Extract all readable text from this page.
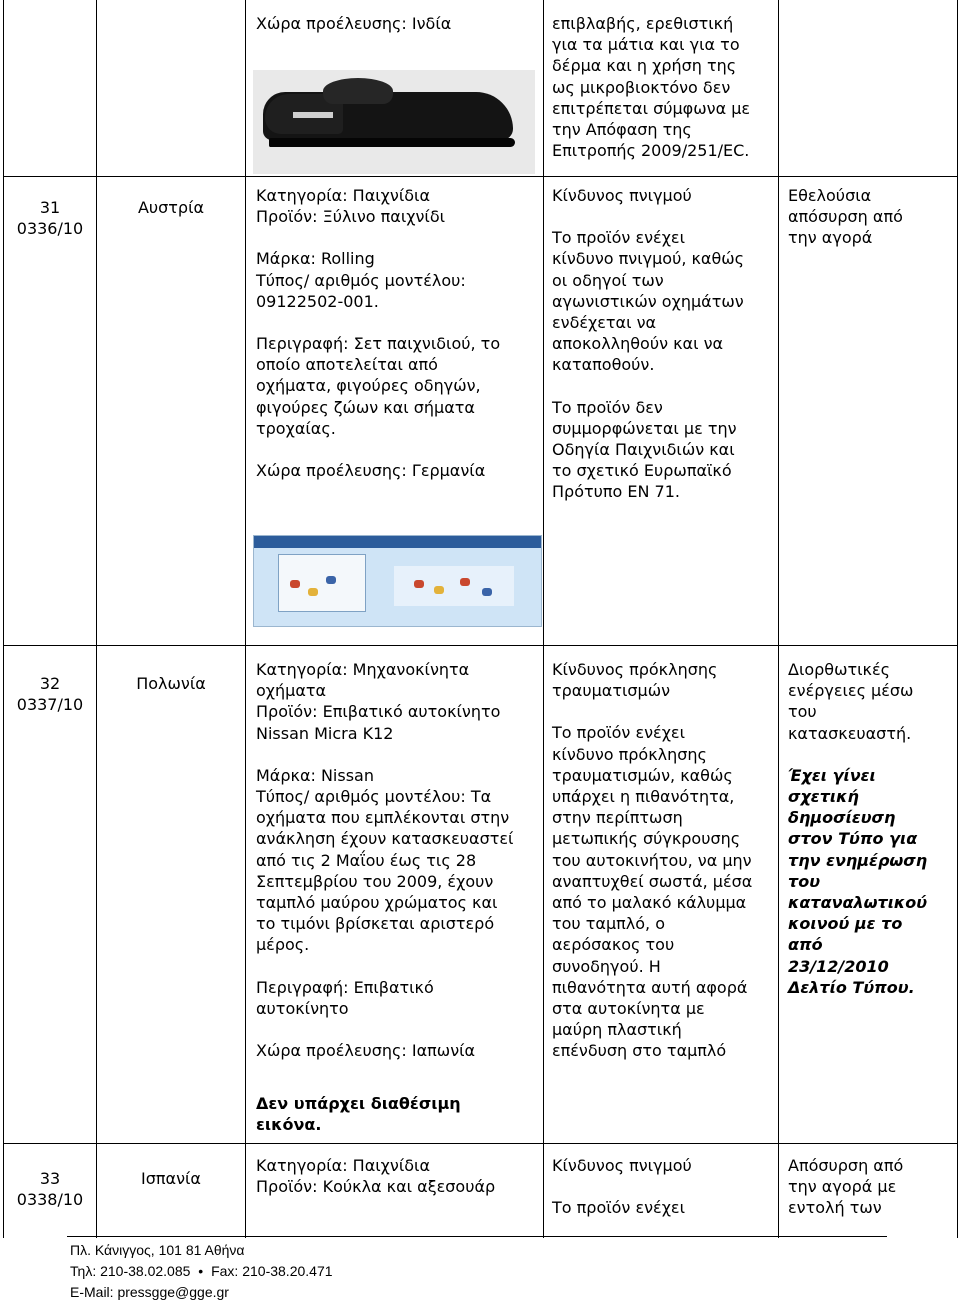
Χώρα προέλευσης: Ινδία	επιβλαβής, ερεθιστική

για τα μάτια και για το

δέρμα και η χρήση της

ως μικροβιοκτόνο δεν

επιτρέπεται σύμφωνα με

την Απόφαση της

Επιτροπής 2009/251/EC.

31

0336/10

Αυστρία

Κατηγορία: Παιχνίδια

Προϊόν: Ξύλινο παιχνίδι

Μάρκα: Rolling

Τύπος/ αριθμός μοντέλου:

09122502-001.

Περιγραφή: Σετ παιχνιδιού, το

οποίο αποτελείται από

οχήματα, φιγούρες οδηγών,

φιγούρες ζώων και σήματα

τροχαίας.

Χώρα προέλευσης: Γερμανία

Κίνδυνος πνιγμού

Το προϊόν ενέχει

κίνδυνο πνιγμού, καθώς

οι οδηγοί των

αγωνιστικών οχημάτων

ενδέχεται να

αποκολληθούν και να

καταποθούν.

Το προϊόν δεν

συμμορφώνεται με την

Οδηγία Παιχνιδιών και

το σχετικό Ευρωπαϊκό

Πρότυπο EN 71.

Εθελούσια

απόσυρση από

την αγορά

32

0337/10

Πολωνία

Κατηγορία: Μηχανοκίνητα

οχήματα

Προϊόν: Επιβατικό αυτοκίνητο

Nissan Micra K12

Μάρκα: Nissan

Τύπος/ αριθμός μοντέλου: Τα

οχήματα που εμπλέκονται στην

ανάκληση έχουν κατασκευαστεί

από τις 2 Μαΐου έως τις 28

Σεπτεμβρίου του 2009, έχουν

ταμπλό μαύρου χρώματος και

το τιμόνι βρίσκεται αριστερό

μέρος.

Περιγραφή: Επιβατικό

αυτοκίνητο

Χώρα προέλευσης: Ιαπωνία

Δεν υπάρχει διαθέσιμη

εικόνα.

Κίνδυνος πρόκλησης

τραυματισμών

Το προϊόν ενέχει

κίνδυνο πρόκλησης

τραυματισμών, καθώς

υπάρχει η πιθανότητα,

στην περίπτωση

μετωπικής σύγκρουσης

του αυτοκινήτου, να μην

αναπτυχθεί σωστά, μέσα

από το μαλακό κάλυμμα

του ταμπλό, ο

αερόσακος του

συνοδηγού. Η

πιθανότητα αυτή αφορά

στα αυτοκίνητα με

μαύρη πλαστική

επένδυση στο ταμπλό

Διορθωτικές

ενέργειες μέσω

του

κατασκευαστή.

Έχει γίνει

σχετική

δημοσίευση

στον Τύπο για

την ενημέρωση

του

καταναλωτικού

κοινού με το

από

23/12/2010

Δελτίο Τύπου.

33

0338/10

Ισπανία

Κατηγορία: Παιχνίδια

Προϊόν: Κούκλα και αξεσουάρ

Κίνδυνος πνιγμού

Το προϊόν ενέχει

Απόσυρση από

την αγορά με

εντολή των

Πλ. Κάνιγγος, 101 81 Αθήνα
Τηλ: 210-38.02.085 • Fax: 210-38.20.471
E-Mail: pressgge@gge.gr
